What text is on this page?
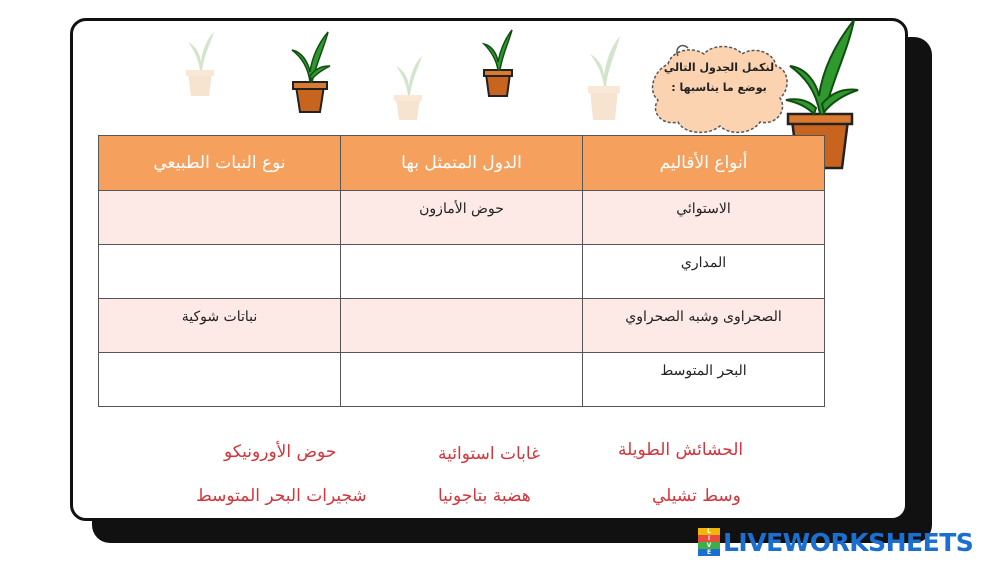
لنكمل الجدول التالي
بوضع ما يناسبها :
أنواع الأقاليم	الدول المتمثل بها	نوع النبات الطبيعي
الاستوائي	حوض الأمازون	
المداري		
الصحراوى وشبه الصحراوي		نباتات شوكية
البحر المتوسط		
الحشائش الطويلة
غابات استوائية
حوض الأورونيكو
وسط تشيلي
هضبة بتاجونيا
شجيرات البحر المتوسط
L
I
V
E LIVEWORKSHEETS
